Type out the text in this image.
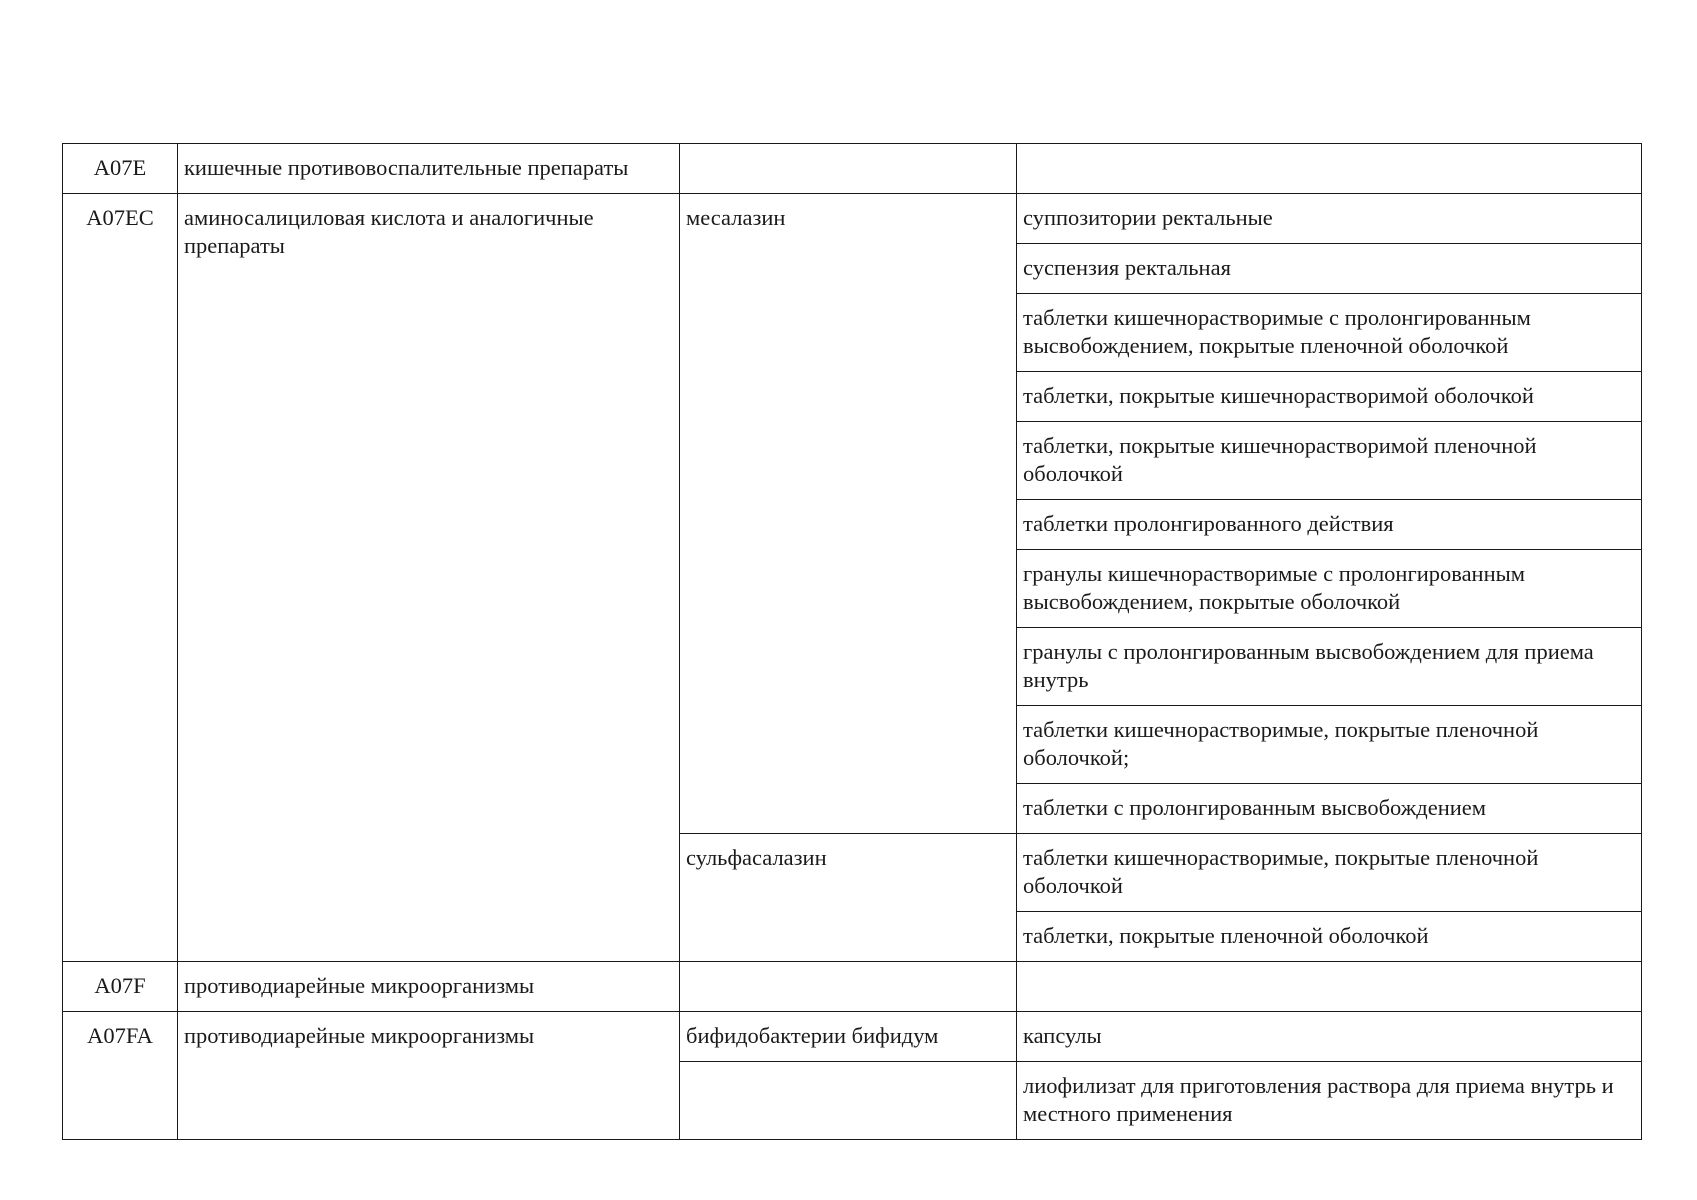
A07E	кишечные противовоспалительные препараты		
A07EC	аминосалициловая кислота и аналогичные препараты	месалазин	суппозитории ректальные
			суспензия ректальная
			таблетки кишечнорастворимые с пролонгированным высвобождением, покрытые пленочной оболочкой
			таблетки, покрытые кишечнорастворимой оболочкой
			таблетки, покрытые кишечнорастворимой пленочной оболочкой
			таблетки пролонгированного действия
			гранулы кишечнорастворимые с пролонгированным высвобождением, покрытые оболочкой
			гранулы с пролонгированным высвобождением для приема внутрь
			таблетки кишечнорастворимые, покрытые пленочной оболочкой;
			таблетки с пролонгированным высвобождением
		сульфасалазин	таблетки кишечнорастворимые, покрытые пленочной оболочкой
			таблетки, покрытые пленочной оболочкой
A07F	противодиарейные микроорганизмы		
A07FA	противодиарейные микроорганизмы	бифидобактерии бифидум	капсулы
			лиофилизат для приготовления раствора для приема внутрь и местного применения
